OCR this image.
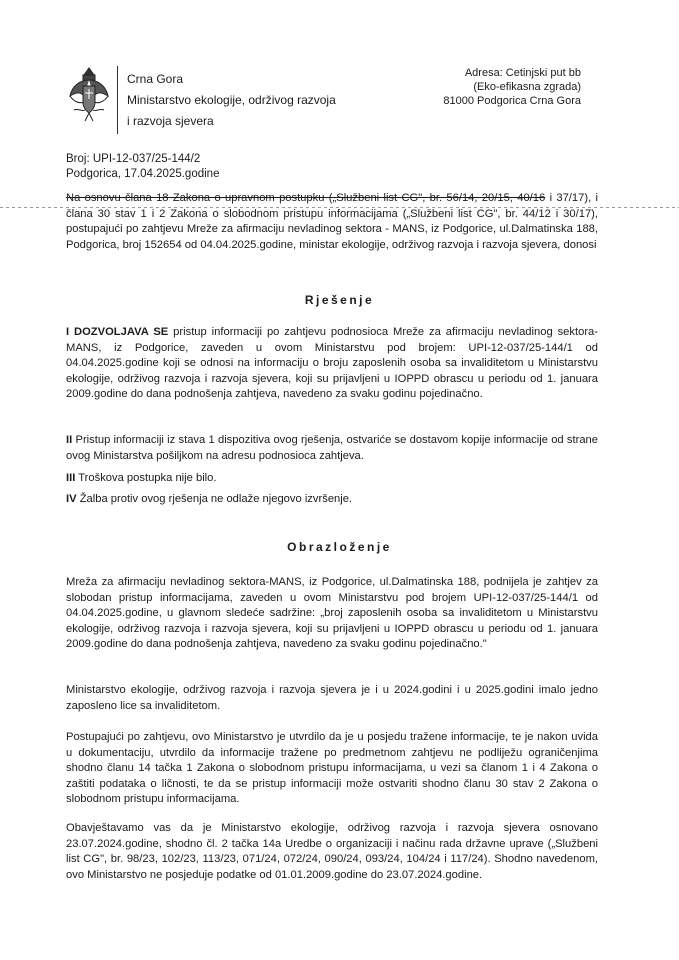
Crna Gora
Ministarstvo ekologije, održivog razvoja
i razvoja sjevera
Adresa: Cetinjski put bb
(Eko-efikasna zgrada)
81000 Podgorica Crna Gora
Broj: UPI-12-037/25-144/2
Podgorica, 17.04.2025.godine
Na osnovu člana 18 Zakona o upravnom postupku („Službeni list CG", br. 56/14, 20/15, 40/16 i 37/17), i člana 30 stav 1 i 2 Zakona o slobodnom pristupu informacijama („Službeni list CG", br. 44/12 i 30/17), postupajući po zahtjevu Mreže za afirmaciju nevladinog sektora - MANS, iz Podgorice, ul.Dalmatinska 188, Podgorica, broj 152654 od 04.04.2025.godine, ministar ekologije, održivog razvoja i razvoja sjevera, donosi
Rješenje
I DOZVOLJAVA SE pristup informaciji po zahtjevu podnosioca Mreže za afirmaciju nevladinog sektora- MANS, iz Podgorice, zaveden u ovom Ministarstvu pod brojem: UPI-12-037/25-144/1 od 04.04.2025.godine koji se odnosi na informaciju o broju zaposlenih osoba sa invaliditetom u Ministarstvu ekologije, održivog razvoja i razvoja sjevera, koji su prijavljeni u IOPPD obrascu u periodu od 1. januara 2009.godine do dana podnošenja zahtjeva, navedeno za svaku godinu pojedinačno.
II Pristup informaciji iz stava 1 dispozitiva ovog rješenja, ostvariće se dostavom kopije informacije od strane ovog Ministarstva pošiljkom na adresu podnosioca zahtjeva.
III Troškova postupka nije bilo.
IV Žalba protiv ovog rješenja ne odlaže njegovo izvršenje.
Obrazloženje
Mreža za afirmaciju nevladinog sektora-MANS, iz Podgorice, ul.Dalmatinska 188, podnijela je zahtjev za slobodan pristup informacijama, zaveden u ovom Ministarstvu pod brojem UPI-12-037/25-144/1 od 04.04.2025.godine, u glavnom sledeće sadržine: „broj zaposlenih osoba sa invaliditetom u Ministarstvu ekologije, održivog razvoja i razvoja sjevera, koji su prijavljeni u IOPPD obrascu u periodu od 1. januara 2009.godine do dana podnošenja zahtjeva, navedeno za svaku godinu pojedinačno."
Ministarstvo ekologije, održivog razvoja i razvoja sjevera je i u 2024.godini i u 2025.godini imalo jedno zaposleno lice sa invaliditetom.
Postupajući po zahtjevu, ovo Ministarstvo je utvrdilo da je u posjedu tražene informacije, te je nakon uvida u dokumentaciju, utvrdilo da informacije tražene po predmetnom zahtjevu ne podliježu ograničenjima shodno članu 14 tačka 1 Zakona o slobodnom pristupu informacijama, u vezi sa članom 1 i 4 Zakona o zaštiti podataka o ličnosti, te da se pristup informaciji može ostvariti shodno članu 30 stav 2 Zakona o slobodnom pristupu informacijama.
Obavještavamo vas da je Ministarstvo ekologije, održivog razvoja i razvoja sjevera osnovano 23.07.2024.godine, shodno čl. 2 tačka 14a Uredbe o organizaciji i načinu rada državne uprave („Službeni list CG", br. 98/23, 102/23, 113/23, 071/24, 072/24, 090/24, 093/24, 104/24 i 117/24). Shodno navedenom, ovo Ministarstvo ne posjeduje podatke od 01.01.2009.godine do 23.07.2024.godine.
